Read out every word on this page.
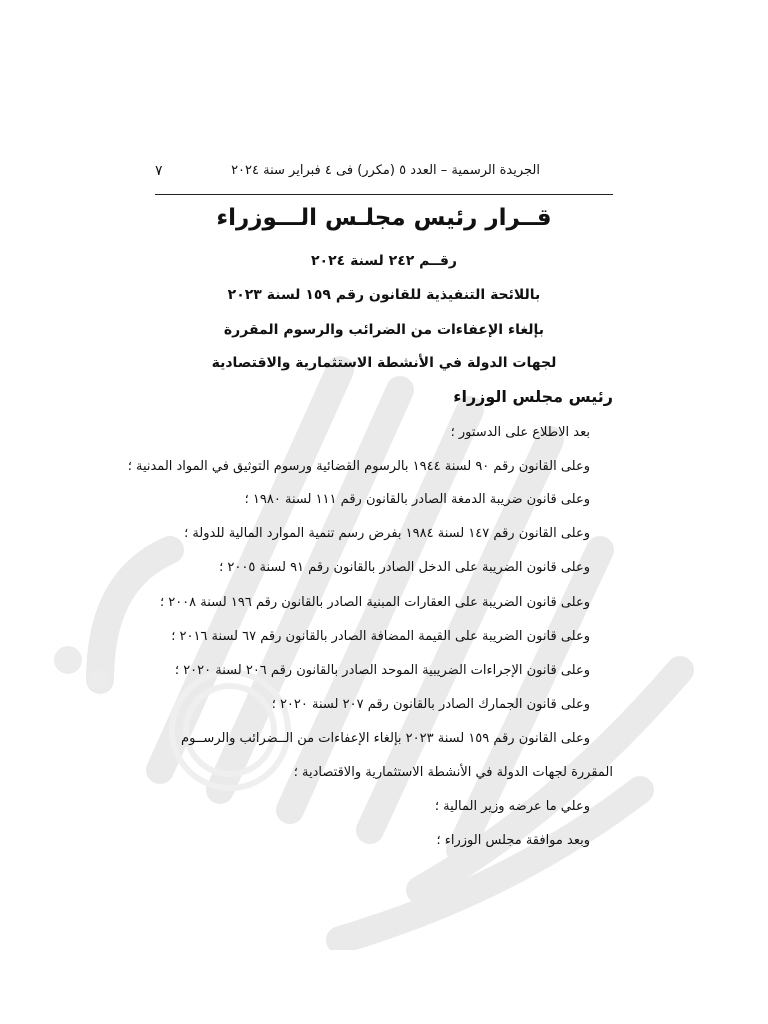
الجريدة الرسمية – العدد ٥ (مكرر) فى ٤ فبراير سنة ٢٠٢٤
٧
قــرار رئيس مجلـس الـــوزراء
رقــم ٢٤٢ لسنة ٢٠٢٤
باللائحة التنفيذية للقانون رقم ١٥٩ لسنة ٢٠٢٣
بإلغاء الإعفاءات من الضرائب والرسوم المقررة
لجهات الدولة في الأنشطة الاستثمارية والاقتصادية
رئيس مجلس الوزراء
بعد الاطلاع على الدستور ؛
وعلى القانون رقم ٩٠ لسنة ١٩٤٤ بالرسوم القضائية ورسوم التوثيق في المواد المدنية ؛
وعلى قانون ضريبة الدمغة الصادر بالقانون رقم ١١١ لسنة ١٩٨٠ ؛
وعلى القانون رقم ١٤٧ لسنة ١٩٨٤ بفرض رسم تنمية الموارد المالية للدولة ؛
وعلى قانون الضريبة على الدخل الصادر بالقانون رقم ٩١ لسنة ٢٠٠٥ ؛
وعلى قانون الضريبة على العقارات المبنية الصادر بالقانون رقم ١٩٦ لسنة ٢٠٠٨ ؛
وعلى قانون الضريبة على القيمة المضافة الصادر بالقانون رقم ٦٧ لسنة ٢٠١٦ ؛
وعلى قانون الإجراءات الضريبية الموحد الصادر بالقانون رقم ٢٠٦ لسنة ٢٠٢٠ ؛
وعلى قانون الجمارك الصادر بالقانون رقم ٢٠٧ لسنة ٢٠٢٠ ؛
وعلى القانون رقم ١٥٩ لسنة ٢٠٢٣ بإلغاء الإعفاءات من الــضرائب والرســوم
المقررة لجهات الدولة في الأنشطة الاستثمارية والاقتصادية ؛
وعلي ما عرضه وزير المالية ؛
وبعد موافقة مجلس الوزراء ؛
